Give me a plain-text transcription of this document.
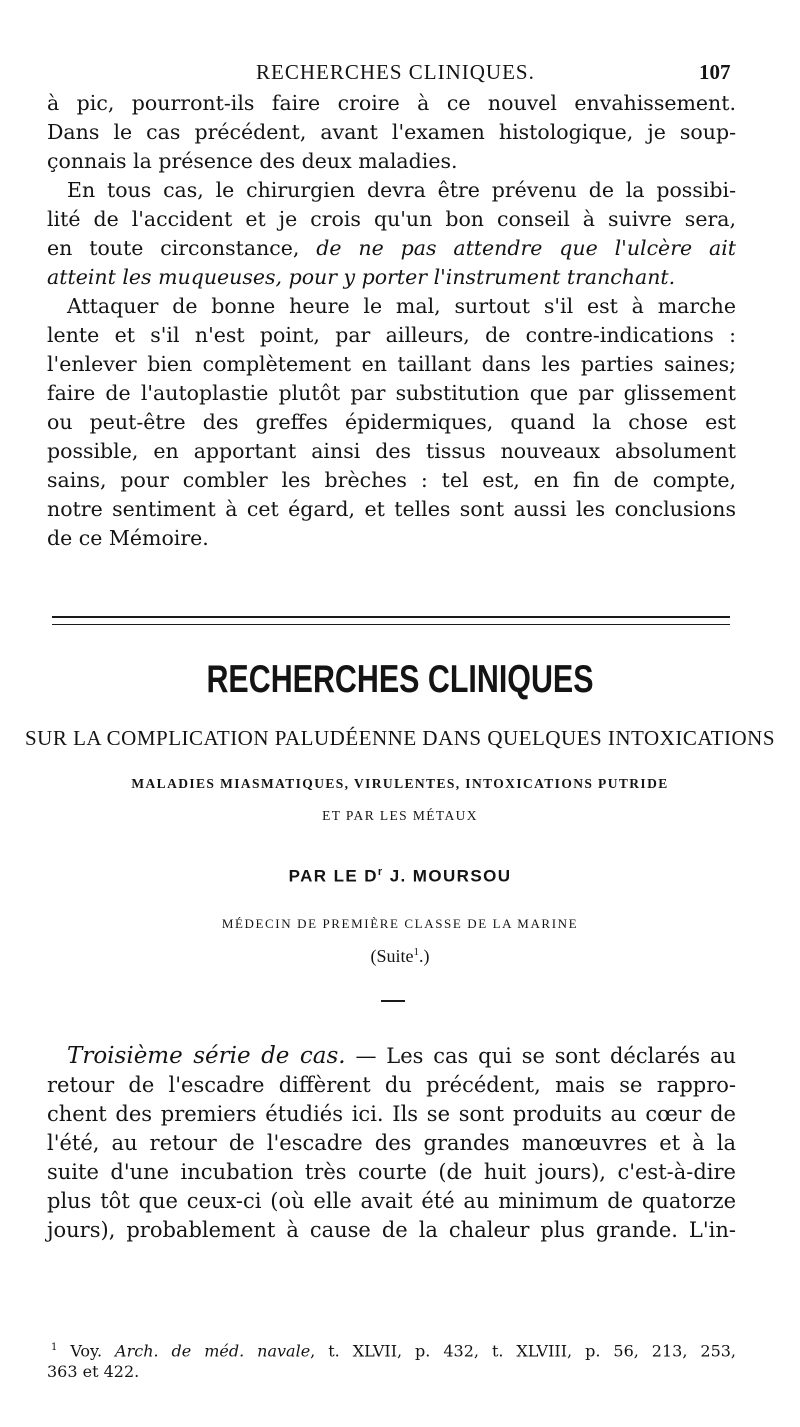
RECHERCHES CLINIQUES.	107
à pic, pourront-ils faire croire à ce nouvel envahissement.
Dans le cas précédent, avant l'examen histologique, je soup-
çonnais la présence des deux maladies.
En tous cas, le chirurgien devra être prévenu de la possibi-
lité de l'accident et je crois qu'un bon conseil à suivre sera,
en toute circonstance, de ne pas attendre que l'ulcère ait
atteint les muqueuses, pour y porter l'instrument tranchant.
Attaquer de bonne heure le mal, surtout s'il est à marche
lente et s'il n'est point, par ailleurs, de contre-indications :
l'enlever bien complètement en taillant dans les parties saines;
faire de l'autoplastie plutôt par substitution que par glissement
ou peut-être des greffes épidermiques, quand la chose est
possible, en apportant ainsi des tissus nouveaux absolument
sains, pour combler les brèches : tel est, en fin de compte,
notre sentiment à cet égard, et telles sont aussi les conclusions
de ce Mémoire.
RECHERCHES CLINIQUES
SUR LA COMPLICATION PALUDÉENNE DANS QUELQUES INTOXICATIONS
MALADIES MIASMATIQUES, VIRULENTES, INTOXICATIONS PUTRIDE
ET PAR LES MÉTAUX
PAR LE $D^r$ J. MOURSOU
MÉDECIN DE PREMIÈRE CLASSE DE LA MARINE
(Suite$^1$.)
Troisième série de cas. — Les cas qui se sont déclarés au
retour de l'escadre diffèrent du précédent, mais se rappro-
chent des premiers étudiés ici. Ils se sont produits au cœur de
l'été, au retour de l'escadre des grandes manœuvres et à la
suite d'une incubation très courte (de huit jours), c'est-à-dire
plus tôt que ceux-ci (où elle avait été au minimum de quatorze
jours), probablement à cause de la chaleur plus grande. L'in-
$^1$ Voy. Arch. de méd. navale, t. XLVII, p. 432, t. XLVIII, p. 56, 213, 253,
363 et 422.
